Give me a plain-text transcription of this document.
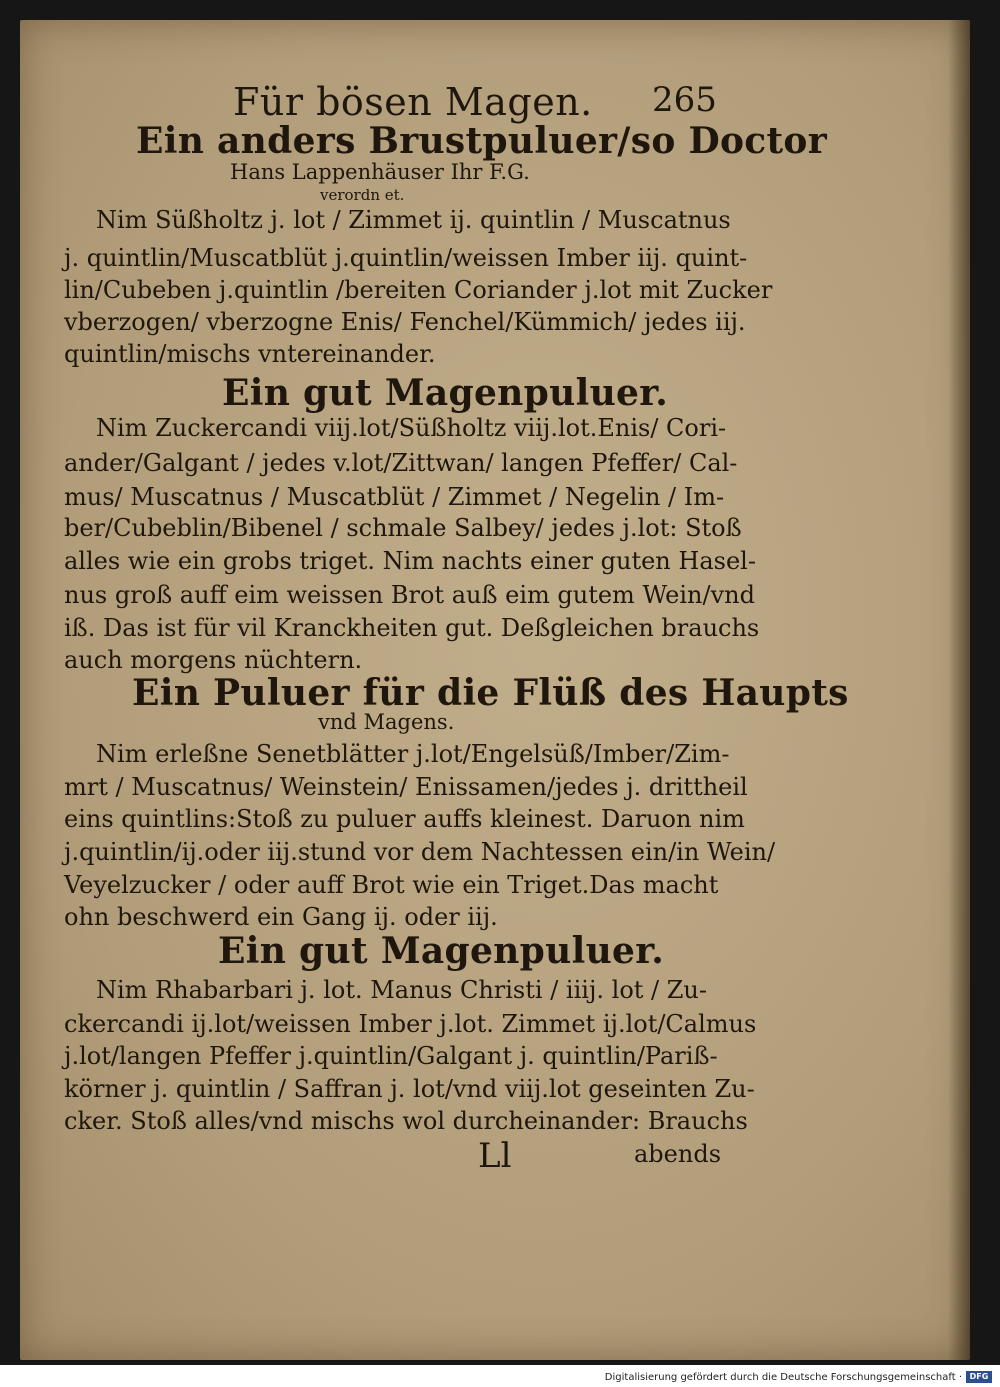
Für bösen Magen. 265
Ein anders Brustpuluer/so Doctor
Hans Lappenhäuser Ihr F.G.
verordn et.
Nim Süßholtz j. lot / Zimmet ij. quintlin / Muscatnus
j. quintlin/Muscatblüt j.quintlin/weissen Imber iij. quint-
lin/Cubeben j.quintlin /bereiten Coriander j.lot mit Zucker
vberzogen/ vberzogne Enis/ Fenchel/Kümmich/ jedes iij.
quintlin/mischs vntereinander.
Ein gut Magenpuluer.
Nim Zuckercandi viij.lot/Süßholtz viij.lot.Enis/ Cori-
ander/Galgant / jedes v.lot/Zittwan/ langen Pfeffer/ Cal-
mus/ Muscatnus / Muscatblüt / Zimmet / Negelin / Im-
ber/Cubeblin/Bibenel / schmale Salbey/ jedes j.lot: Stoß
alles wie ein grobs triget. Nim nachts einer guten Hasel-
nus groß auff eim weissen Brot auß eim gutem Wein/vnd
iß. Das ist für vil Kranckheiten gut. Deßgleichen brauchs
auch morgens nüchtern.
Ein Puluer für die Flüß des Haupts
vnd Magens.
Nim erleßne Senetblätter j.lot/Engelsüß/Imber/Zim-
mrt / Muscatnus/ Weinstein/ Enissamen/jedes j. drittheil
eins quintlins:Stoß zu puluer auffs kleinest. Daruon nim
j.quintlin/ij.oder iij.stund vor dem Nachtessen ein/in Wein/
Veyelzucker / oder auff Brot wie ein Triget.Das macht
ohn beschwerd ein Gang ij. oder iij.
Ein gut Magenpuluer.
Nim Rhabarbari j. lot. Manus Christi / iiij. lot / Zu-
ckercandi ij.lot/weissen Imber j.lot. Zimmet ij.lot/Calmus
j.lot/langen Pfeffer j.quintlin/Galgant j. quintlin/Pariß-
körner j. quintlin / Saffran j. lot/vnd viij.lot geseinten Zu-
cker. Stoß alles/vnd mischs wol durcheinander: Brauchs
Ll	abends
Digitalisierung gefördert durch die Deutsche Forschungsgemeinschaft · DFG
